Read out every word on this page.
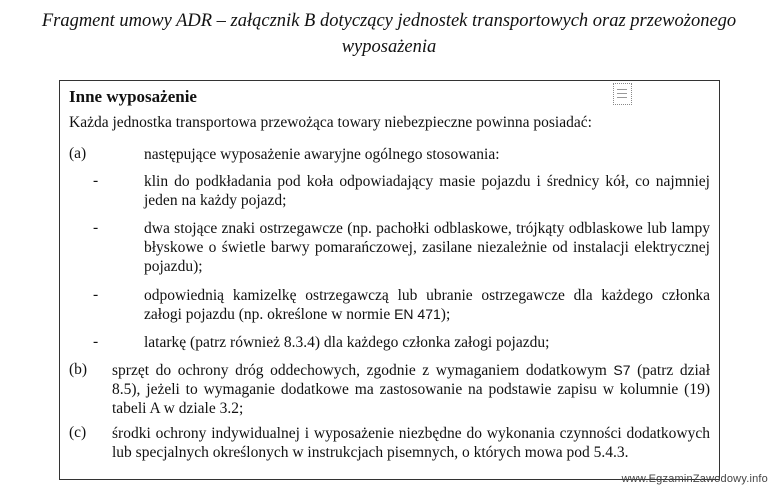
Fragment umowy ADR – załącznik B dotyczący jednostek transportowych oraz przewożonego wyposażenia
Inne wyposażenie
Każda jednostka transportowa przewożąca towary niebezpieczne powinna posiadać:
(a)	następujące wyposażenie awaryjne ogólnego stosowania:
-	klin do podkładania pod koła odpowiadający masie pojazdu i średnicy kół, co najmniej jeden na każdy pojazd;
-	dwa stojące znaki ostrzegawcze (np. pachołki odblaskowe, trójkąty odblaskowe lub lampy błyskowe o świetle barwy pomarańczowej, zasilane niezależnie od instalacji elektrycznej pojazdu);
-	odpowiednią kamizelkę ostrzegawczą lub ubranie ostrzegawcze dla każdego członka załogi pojazdu (np. określone w normie EN 471);
-	latarkę (patrz również 8.3.4) dla każdego członka załogi pojazdu;
(b) sprzęt do ochrony dróg oddechowych, zgodnie z wymaganiem dodatkowym S7 (patrz dział 8.5), jeżeli to wymaganie dodatkowe ma zastosowanie na podstawie zapisu w kolumnie (19) tabeli A w dziale 3.2;
(c) środki ochrony indywidualnej i wyposażenie niezbędne do wykonania czynności dodatkowych lub specjalnych określonych w instrukcjach pisemnych, o których mowa pod 5.4.3.
www.EgzaminZawodowy.info
